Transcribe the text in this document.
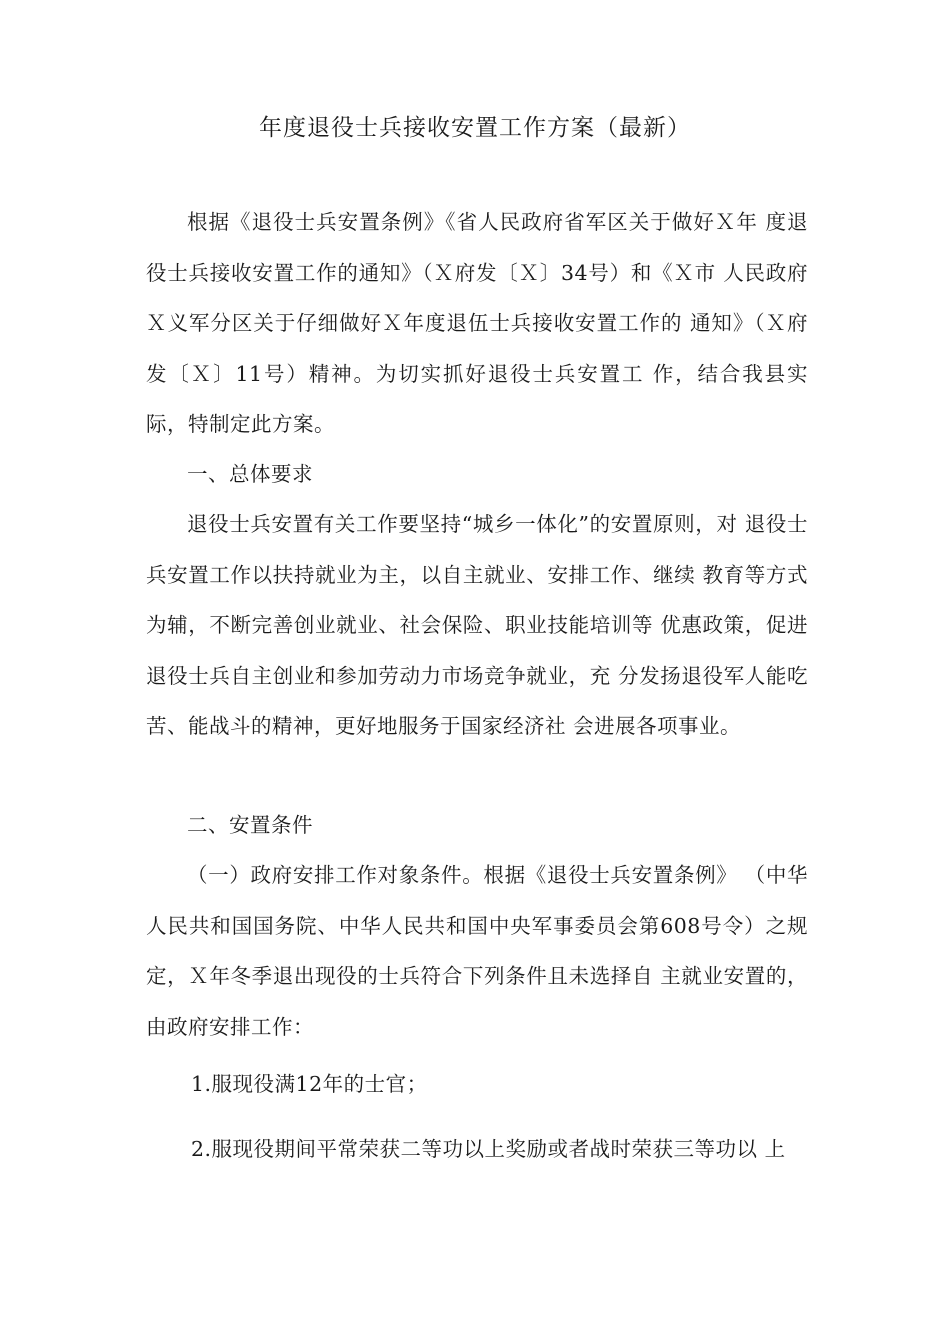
年度退役士兵接收安置工作方案（最新）

根据《退役士兵安置条例》《省人民政府省军区关于做好Ｘ年 度退役士兵接收安置工作的通知》（Ｘ府发〔Ｘ〕34号）和《Ｘ市 人民政府Ｘ义军分区关于仔细做好Ｘ年度退伍士兵接收安置工作的 通知》（Ｘ府发〔Ｘ〕11号）精神。为切实抓好退役士兵安置工 作，结合我县实际，特制定此方案。

一、总体要求

退役士兵安置有关工作要坚持“城乡一体化”的安置原则，对 退役士兵安置工作以扶持就业为主，以自主就业、安排工作、继续 教育等方式为辅，不断完善创业就业、社会保险、职业技能培训等 优惠政策，促进退役士兵自主创业和参加劳动力市场竞争就业，充 分发扬退役军人能吃苦、能战斗的精神，更好地服务于国家经济社 会进展各项事业。

二、安置条件

（一）政府安排工作对象条件。根据《退役士兵安置条例》 （中华人民共和国国务院、中华人民共和国中央军事委员会第608号令）之规定，Ｘ年冬季退出现役的士兵符合下列条件且未选择自 主就业安置的，由政府安排工作：

1.服现役满12年的士官；

2.服现役期间平常荣获二等功以上奖励或者战时荣获三等功以 上
